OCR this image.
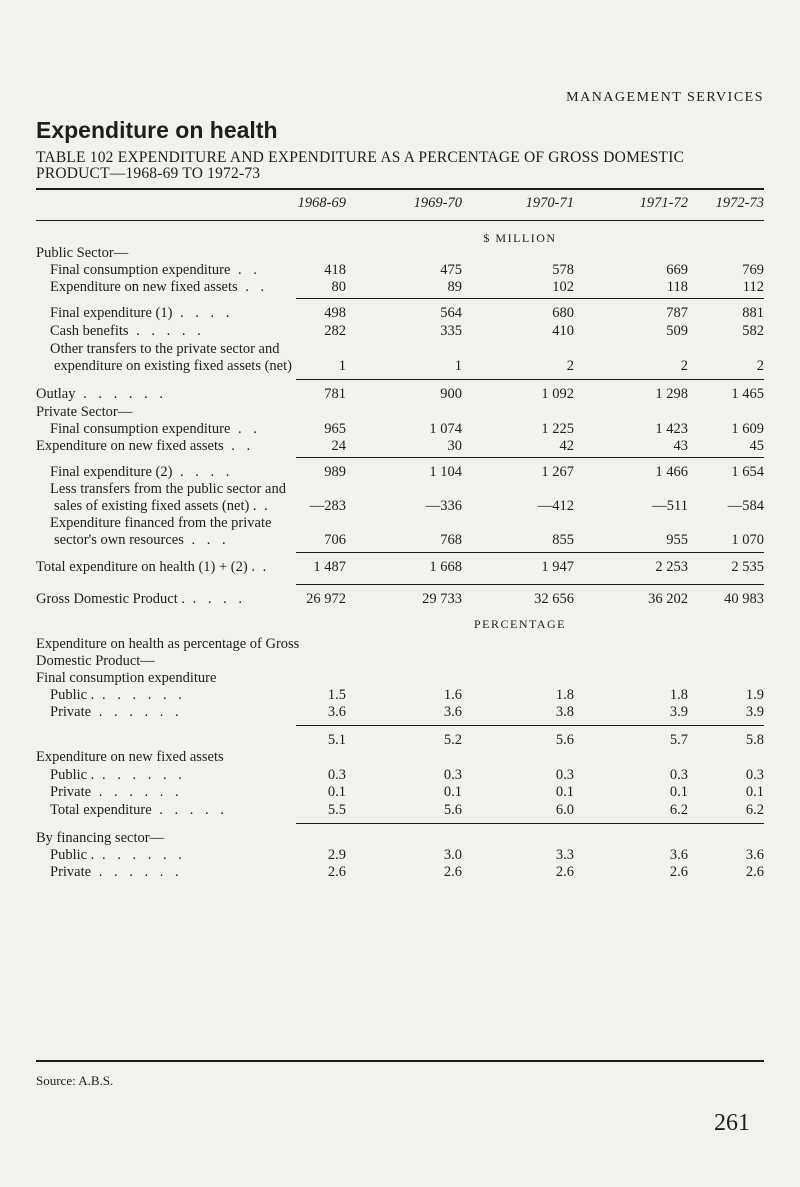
MANAGEMENT SERVICES
Expenditure on health
TABLE 102 EXPENDITURE AND EXPENDITURE AS A PERCENTAGE OF GROSS DOMESTIC PRODUCT—1968-69 TO 1972-73
1968-69	1969-70	1970-71	1971-72	1972-73
$ MILLION
PERCENTAGE
Public Sector—
Final consumption expenditure . .	418	475	578	669	769
Expenditure on new fixed assets . .	80	89	102	118	112
Final expenditure (1) . . . .	498	564	680	787	881
Cash benefits . . . . .	282	335	410	509	582
Other transfers to the private sector and
expenditure on existing fixed assets (net)	1	1	2	2	2
Outlay . . . . . .	781	900	1 092	1 298	1 465
Private Sector—
Final consumption expenditure . .	965	1 074	1 225	1 423	1 609
Expenditure on new fixed assets . .	24	30	42	43	45
Final expenditure (2) . . . .	989	1 104	1 267	1 466	1 654
Less transfers from the public sector and
sales of existing fixed assets (net) . .	—283	—336	—412	—511	—584
Expenditure financed from the private
sector's own resources . . .	706	768	855	955	1 070
Total expenditure on health (1) + (2) . .	1 487	1 668	1 947	2 253	2 535
Gross Domestic Product . . . . .	26 972	29 733	32 656	36 202	40 983
Expenditure on health as percentage of Gross
Domestic Product—
Final consumption expenditure
Public . . . . . . .	1.5	1.6	1.8	1.8	1.9
Private . . . . . .	3.6	3.6	3.8	3.9	3.9
5.1	5.2	5.6	5.7	5.8
Expenditure on new fixed assets
Public . . . . . . .	0.3	0.3	0.3	0.3	0.3
Private . . . . . .	0.1	0.1	0.1	0.1	0.1
Total expenditure . . . . .	5.5	5.6	6.0	6.2	6.2
By financing sector—
Public . . . . . . .	2.9	3.0	3.3	3.6	3.6
Private . . . . . .	2.6	2.6	2.6	2.6	2.6
Source: A.B.S.
261
